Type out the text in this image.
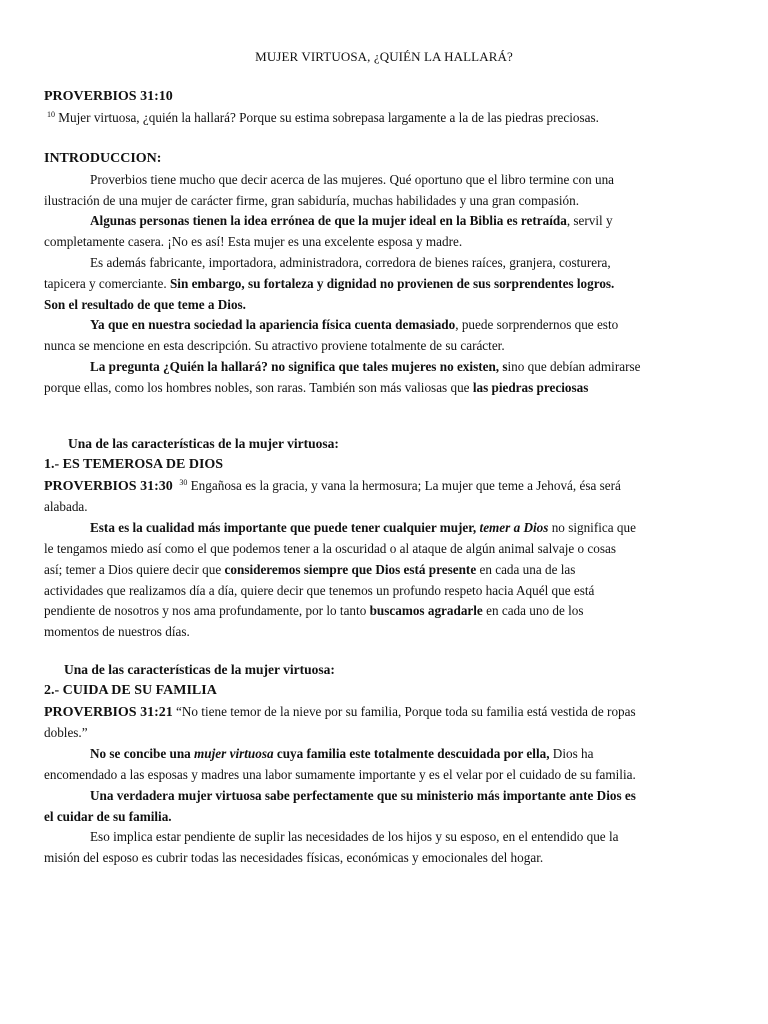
MUJER VIRTUOSA, ¿QUIÉN LA HALLARÁ?
PROVERBIOS 31:10
$^{10}$ Mujer virtuosa, ¿quién la hallará? Porque su estima sobrepasa largamente a la de las piedras preciosas.
INTRODUCCION:
Proverbios tiene mucho que decir acerca de las mujeres. Qué oportuno que el libro termine con una
ilustración de una mujer de carácter firme, gran sabiduría, muchas habilidades y una gran compasión.
Algunas personas tienen la idea errónea de que la mujer ideal en la Biblia es retraída, servil y
completamente casera. ¡No es así! Esta mujer es una excelente esposa y madre.
Es además fabricante, importadora, administradora, corredora de bienes raíces, granjera, costurera,
tapicera y comerciante. Sin embargo, su fortaleza y dignidad no provienen de sus sorprendentes logros.
Son el resultado de que teme a Dios.
Ya que en nuestra sociedad la apariencia física cuenta demasiado, puede sorprendernos que esto
nunca se mencione en esta descripción. Su atractivo proviene totalmente de su carácter.
La pregunta ¿Quién la hallará? no significa que tales mujeres no existen, sino que debían admirarse
porque ellas, como los hombres nobles, son raras. También son más valiosas que las piedras preciosas
Una de las características de la mujer virtuosa:
1.- ES TEMEROSA DE DIOS
PROVERBIOS 31:30 $^{30}$ Engañosa es la gracia, y vana la hermosura; La mujer que teme a Jehová, ésa será
alabada.
Esta es la cualidad más importante que puede tener cualquier mujer, temer a Dios no significa que
le tengamos miedo así como el que podemos tener a la oscuridad o al ataque de algún animal salvaje o cosas
así; temer a Dios quiere decir que consideremos siempre que Dios está presente en cada una de las
actividades que realizamos día a día, quiere decir que tenemos un profundo respeto hacia Aquél que está
pendiente de nosotros y nos ama profundamente, por lo tanto buscamos agradarle en cada uno de los
momentos de nuestros días.
Una de las características de la mujer virtuosa:
2.- CUIDA DE SU FAMILIA
PROVERBIOS 31:21 “No tiene temor de la nieve por su familia, Porque toda su familia está vestida de ropas
dobles.”
No se concibe una mujer virtuosa cuya familia este totalmente descuidada por ella, Dios ha
encomendado a las esposas y madres una labor sumamente importante y es el velar por el cuidado de su familia.
Una verdadera mujer virtuosa sabe perfectamente que su ministerio más importante ante Dios es
el cuidar de su familia.
Eso implica estar pendiente de suplir las necesidades de los hijos y su esposo, en el entendido que la
misión del esposo es cubrir todas las necesidades físicas, económicas y emocionales del hogar.
